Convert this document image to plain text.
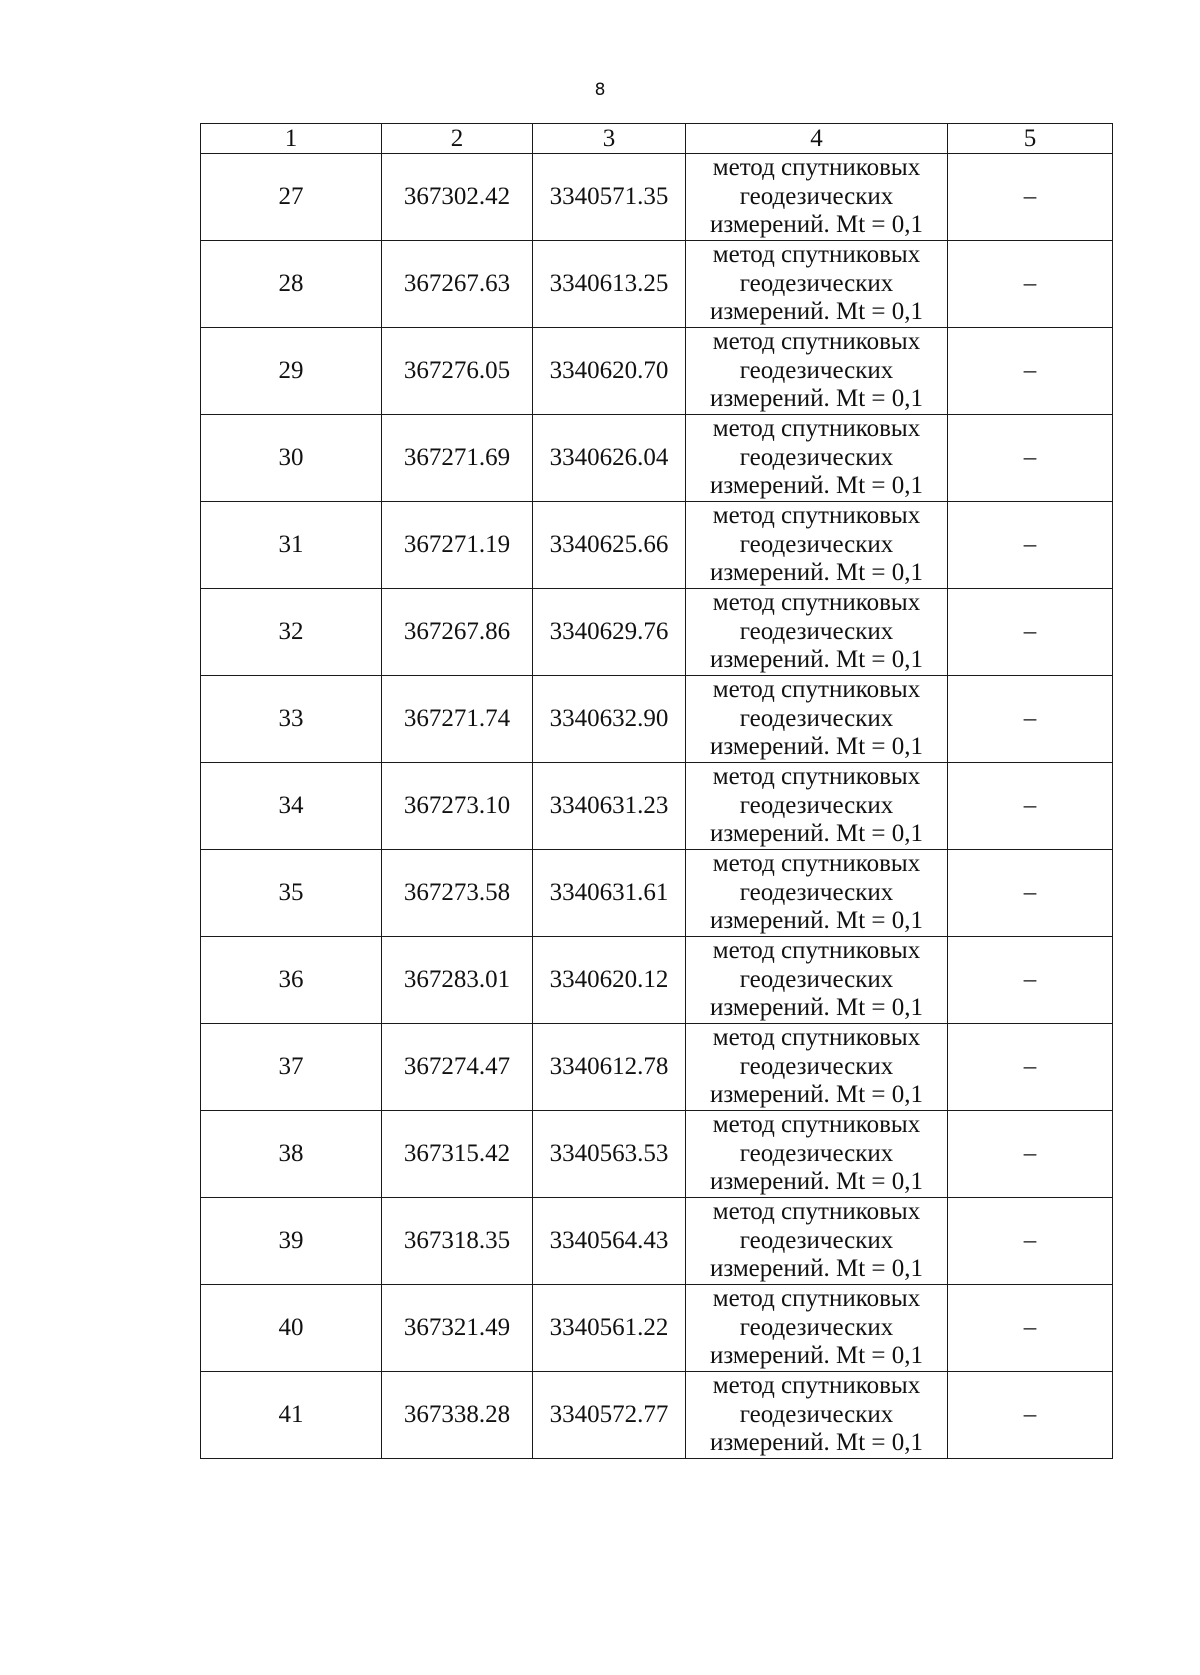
8
1	2	3	4	5
27	367302.42	3340571.35	метод спутниковых
геодезических
измерений. Mt = 0,1	–
28	367267.63	3340613.25	метод спутниковых
геодезических
измерений. Mt = 0,1	–
29	367276.05	3340620.70	метод спутниковых
геодезических
измерений. Mt = 0,1	–
30	367271.69	3340626.04	метод спутниковых
геодезических
измерений. Mt = 0,1	–
31	367271.19	3340625.66	метод спутниковых
геодезических
измерений. Mt = 0,1	–
32	367267.86	3340629.76	метод спутниковых
геодезических
измерений. Mt = 0,1	–
33	367271.74	3340632.90	метод спутниковых
геодезических
измерений. Mt = 0,1	–
34	367273.10	3340631.23	метод спутниковых
геодезических
измерений. Mt = 0,1	–
35	367273.58	3340631.61	метод спутниковых
геодезических
измерений. Mt = 0,1	–
36	367283.01	3340620.12	метод спутниковых
геодезических
измерений. Mt = 0,1	–
37	367274.47	3340612.78	метод спутниковых
геодезических
измерений. Mt = 0,1	–
38	367315.42	3340563.53	метод спутниковых
геодезических
измерений. Mt = 0,1	–
39	367318.35	3340564.43	метод спутниковых
геодезических
измерений. Mt = 0,1	–
40	367321.49	3340561.22	метод спутниковых
геодезических
измерений. Mt = 0,1	–
41	367338.28	3340572.77	метод спутниковых
геодезических
измерений. Mt = 0,1	–
